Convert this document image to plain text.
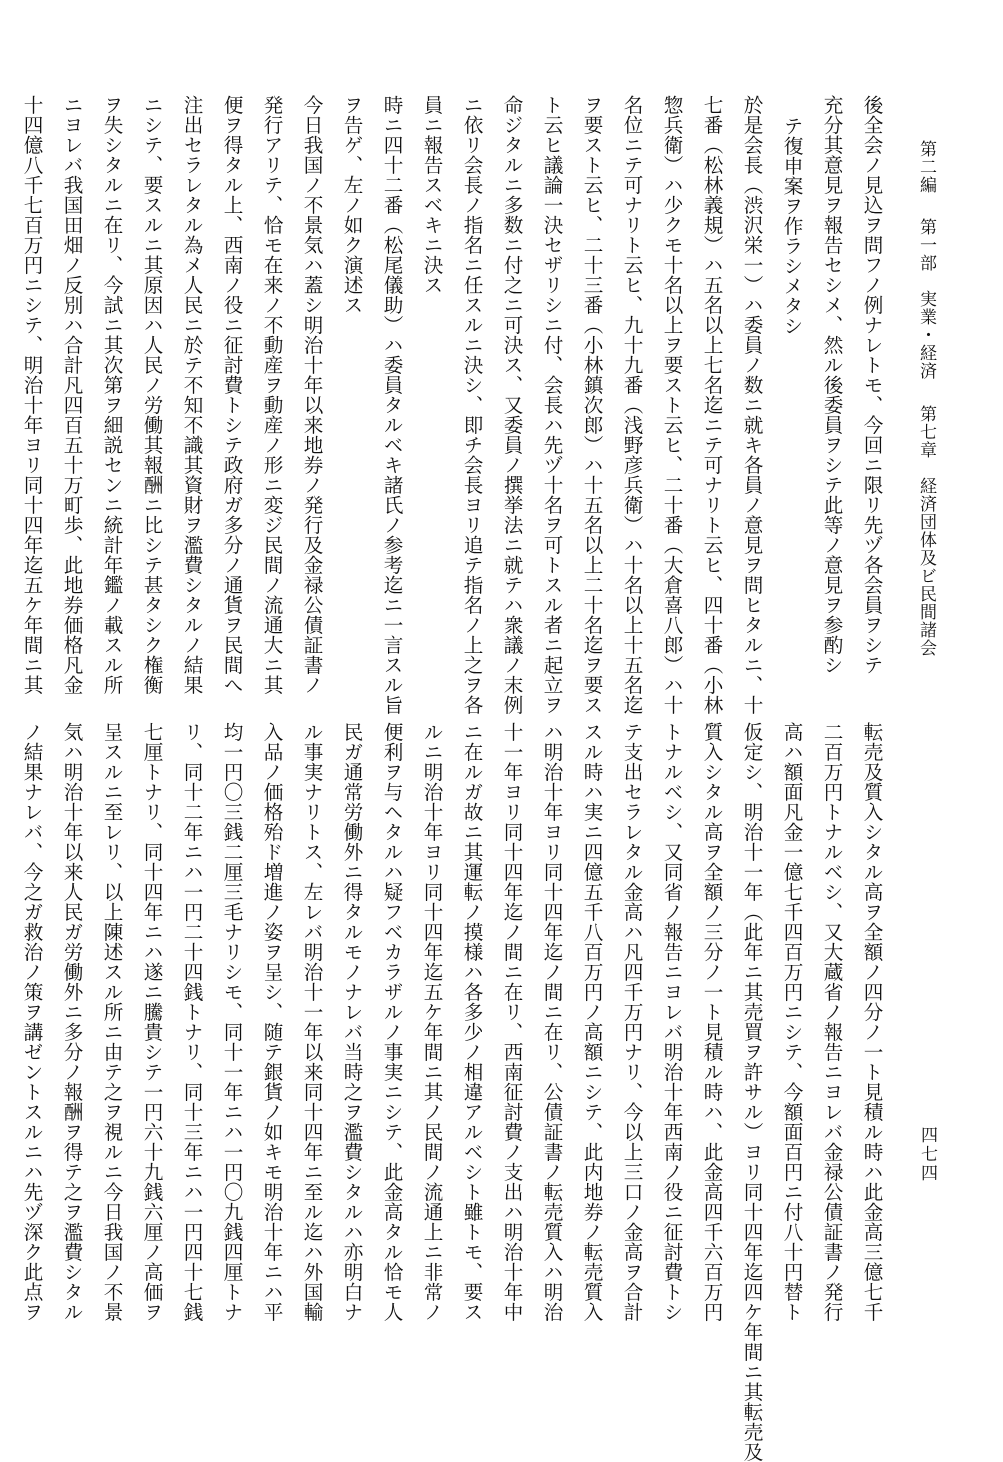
第二編 第一部　実業・経済 第七章　経済団体及ビ民間諸会
四七四
後全会ノ見込ヲ問フノ例ナレトモ、今回ニ限リ先ヅ各会員ヲシテ
充分其意見ヲ報告セシメ、然ル後委員ヲシテ此等ノ意見ヲ参酌シ
テ復申案ヲ作ラシメタシ
於是会長（渋沢栄一）ハ委員ノ数ニ就キ各員ノ意見ヲ問ヒタルニ、十
七番（松林義規）ハ五名以上七名迄ニテ可ナリト云ヒ、四十番（小林
惣兵衛）ハ少クモ十名以上ヲ要スト云ヒ、二十番（大倉喜八郎）ハ十
名位ニテ可ナリト云ヒ、九十九番（浅野彦兵衛）ハ十名以上十五名迄
ヲ要スト云ヒ、二十三番（小林鎮次郎）ハ十五名以上二十名迄ヲ要ス
ト云ヒ議論一決セザリシニ付、会長ハ先ヅ十名ヲ可トスル者ニ起立ヲ
命ジタルニ多数ニ付之ニ可決ス、又委員ノ撰挙法ニ就テハ衆議ノ末例
ニ依リ会長ノ指名ニ任スルニ決シ、即チ会長ヨリ追テ指名ノ上之ヲ各
員ニ報告スベキニ決ス
時ニ四十二番（松尾儀助）ハ委員タルベキ諸氏ノ参考迄ニ一言スル旨
ヲ告ゲ、左ノ如ク演述ス
今日我国ノ不景気ハ蓋シ明治十年以来地券ノ発行及金禄公債証書ノ
発行アリテ、恰モ在来ノ不動産ヲ動産ノ形ニ変ジ民間ノ流通大ニ其
便ヲ得タル上、西南ノ役ニ征討費トシテ政府ガ多分ノ通貨ヲ民間へ
注出セラレタル為メ人民ニ於テ不知不識其資財ヲ濫費シタルノ結果
ニシテ、要スルニ其原因ハ人民ノ労働其報酬ニ比シテ甚タシク権衡
ヲ失シタルニ在リ、今試ニ其次第ヲ細説センニ統計年鑑ノ載スル所
ニヨレバ我国田畑ノ反別ハ合計凡四百五十万町歩、此地券価格凡金
十四億八千七百万円ニシテ、明治十年ヨリ同十四年迄五ケ年間ニ其
転売及質入シタル高ヲ全額ノ四分ノ一ト見積ル時ハ此金高三億七千
二百万円トナルベシ、又大蔵省ノ報告ニヨレバ金禄公債証書ノ発行
高ハ額面凡金一億七千四百万円ニシテ、今額面百円ニ付八十円替ト
仮定シ、明治十一年（此年ニ其売買ヲ許サル）ヨリ同十四年迄四ケ年間ニ其転売及
質入シタル高ヲ全額ノ三分ノ一ト見積ル時ハ、此金高四千六百万円
トナルベシ、又同省ノ報告ニヨレバ明治十年西南ノ役ニ征討費トシ
テ支出セラレタル金高ハ凡四千万円ナリ、今以上三口ノ金高ヲ合計
スル時ハ実ニ四億五千八百万円ノ高額ニシテ、此内地券ノ転売質入
ハ明治十年ヨリ同十四年迄ノ間ニ在リ、公債証書ノ転売質入ハ明治
十一年ヨリ同十四年迄ノ間ニ在リ、西南征討費ノ支出ハ明治十年中
ニ在ルガ故ニ其運転ノ摸様ハ各多少ノ相違アルベシト雖トモ、要ス
ルニ明治十年ヨリ同十四年迄五ケ年間ニ其ノ民間ノ流通上ニ非常ノ
便利ヲ与ヘタルハ疑フベカラザルノ事実ニシテ、此金高タル恰モ人
民ガ通常労働外ニ得タルモノナレバ当時之ヲ濫費シタルハ亦明白ナ
ル事実ナリトス、左レバ明治十一年以来同十四年ニ至ル迄ハ外国輸
入品ノ価格殆ド増進ノ姿ヲ呈シ、随テ銀貨ノ如キモ明治十年ニハ平
均一円〇三銭二厘三毛ナリシモ、同十一年ニハ一円〇九銭四厘トナ
リ、同十二年ニハ一円二十四銭トナリ、同十三年ニハ一円四十七銭
七厘トナリ、同十四年ニハ遂ニ騰貴シテ一円六十九銭六厘ノ高価ヲ
呈スルニ至レリ、以上陳述スル所ニ由テ之ヲ視ルニ今日我国ノ不景
気ハ明治十年以来人民ガ労働外ニ多分ノ報酬ヲ得テ之ヲ濫費シタル
ノ結果ナレバ、今之ガ救治ノ策ヲ講ゼントスルニハ先ヅ深ク此点ヲ
